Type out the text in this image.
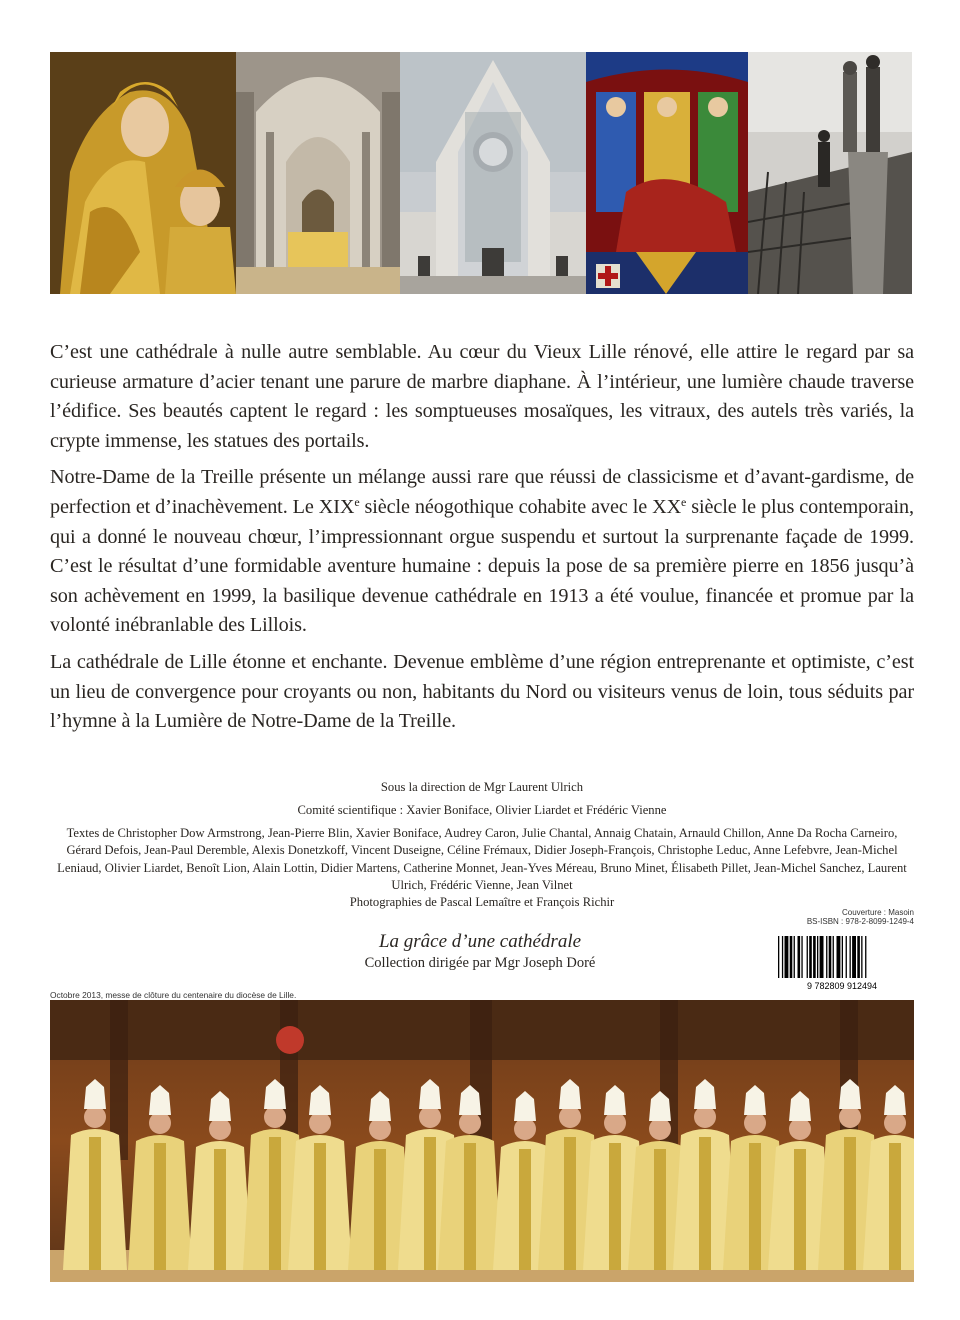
C’est une cathédrale à nulle autre semblable. Au cœur du Vieux Lille rénové, elle attire le regard par sa curieuse armature d’acier tenant une parure de marbre diaphane. À l’intérieur, une lumière chaude traverse l’édifice. Ses beautés captent le regard : les somptueuses mosaïques, les vitraux, des autels très variés, la crypte immense, les statues des portails.

Notre-Dame de la Treille présente un mélange aussi rare que réussi de classicisme et d’avant-gardisme, de perfection et d’inachèvement. Le XIXe siècle néogothique cohabite avec le XXe siècle le plus contemporain, qui a donné le nouveau chœur, l’impressionnant orgue suspendu et surtout la surprenante façade de 1999. C’est le résultat d’une formidable aventure humaine : depuis la pose de sa première pierre en 1856 jusqu’à son achèvement en 1999, la basilique devenue cathédrale en 1913 a été voulue, financée et promue par la volonté inébranlable des Lillois.

La cathédrale de Lille étonne et enchante. Devenue emblème d’une région entreprenante et optimiste, c’est un lieu de convergence pour croyants ou non, habitants du Nord ou visiteurs venus de loin, tous séduits par l’hymne à la Lumière de Notre-Dame de la Treille.

Sous la direction de Mgr Laurent Ulrich
Comité scientifique : Xavier Boniface, Olivier Liardet et Frédéric Vienne
Textes de Christopher Dow Armstrong, Jean-Pierre Blin, Xavier Boniface, Audrey Caron, Julie Chantal, Annaig Chatain, Arnauld Chillon, Anne Da Rocha Carneiro, Gérard Defois, Jean-Paul Deremble, Alexis Donetzkoff, Vincent Duseigne, Céline Frémaux, Didier Joseph-François, Christophe Leduc, Anne Lefebvre, Jean-Michel Leniaud, Olivier Liardet, Benoît Lion, Alain Lottin, Didier Martens, Catherine Monnet, Jean-Yves Méreau, Bruno Minet, Élisabeth Pillet, Jean-Michel Sanchez, Laurent Ulrich, Frédéric Vienne, Jean Vilnet
Photographies de Pascal Lemaître et François Richir
La grâce d’une cathédrale
Collection dirigée par Mgr Joseph Doré
Couverture : Masoin
BS-ISBN : 978-2-8099-1249-4
9 782809 912494
Octobre 2013, messe de clôture du centenaire du diocèse de Lille.
